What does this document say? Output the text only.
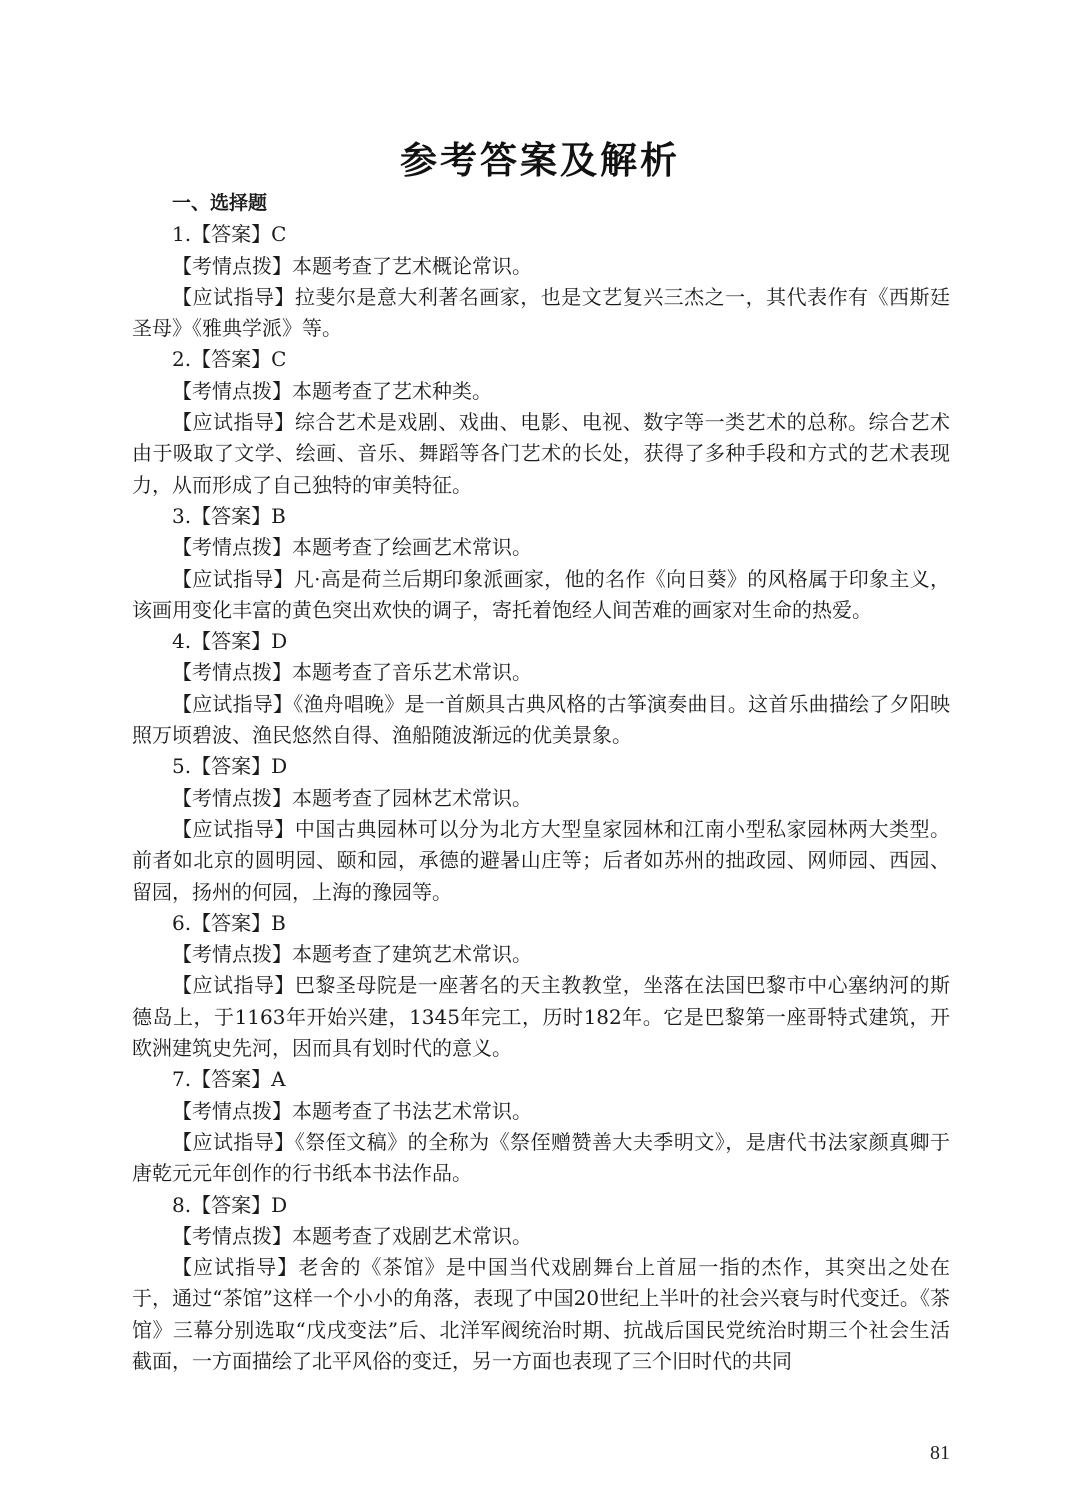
参考答案及解析

一、选择题

1.【答案】C

【考情点拨】本题考查了艺术概论常识。

【应试指导】拉斐尔是意大利著名画家，也是文艺复兴三杰之一，其代表作有《西斯廷圣母》《雅典学派》等。

2.【答案】C

【考情点拨】本题考查了艺术种类。

【应试指导】综合艺术是戏剧、戏曲、电影、电视、数字等一类艺术的总称。综合艺术由于吸取了文学、绘画、音乐、舞蹈等各门艺术的长处，获得了多种手段和方式的艺术表现力，从而形成了自己独特的审美特征。

3.【答案】B

【考情点拨】本题考查了绘画艺术常识。

【应试指导】凡·高是荷兰后期印象派画家，他的名作《向日葵》的风格属于印象主义，该画用变化丰富的黄色突出欢快的调子，寄托着饱经人间苦难的画家对生命的热爱。

4.【答案】D

【考情点拨】本题考查了音乐艺术常识。

【应试指导】《渔舟唱晚》是一首颇具古典风格的古筝演奏曲目。这首乐曲描绘了夕阳映照万顷碧波、渔民悠然自得、渔船随波渐远的优美景象。

5.【答案】D

【考情点拨】本题考查了园林艺术常识。

【应试指导】中国古典园林可以分为北方大型皇家园林和江南小型私家园林两大类型。前者如北京的圆明园、颐和园，承德的避暑山庄等；后者如苏州的拙政园、网师园、西园、留园，扬州的何园，上海的豫园等。

6.【答案】B

【考情点拨】本题考查了建筑艺术常识。

【应试指导】巴黎圣母院是一座著名的天主教教堂，坐落在法国巴黎市中心塞纳河的斯德岛上，于1163年开始兴建，1345年完工，历时182年。它是巴黎第一座哥特式建筑，开欧洲建筑史先河，因而具有划时代的意义。

7.【答案】A

【考情点拨】本题考查了书法艺术常识。

【应试指导】《祭侄文稿》的全称为《祭侄赠赞善大夫季明文》，是唐代书法家颜真卿于唐乾元元年创作的行书纸本书法作品。

8.【答案】D

【考情点拨】本题考查了戏剧艺术常识。

【应试指导】老舍的《茶馆》是中国当代戏剧舞台上首屈一指的杰作，其突出之处在于，通过“茶馆”这样一个小小的角落，表现了中国20世纪上半叶的社会兴衰与时代变迁。《茶馆》三幕分别选取“戊戌变法”后、北洋军阀统治时期、抗战后国民党统治时期三个社会生活截面，一方面描绘了北平风俗的变迁，另一方面也表现了三个旧时代的共同

81
